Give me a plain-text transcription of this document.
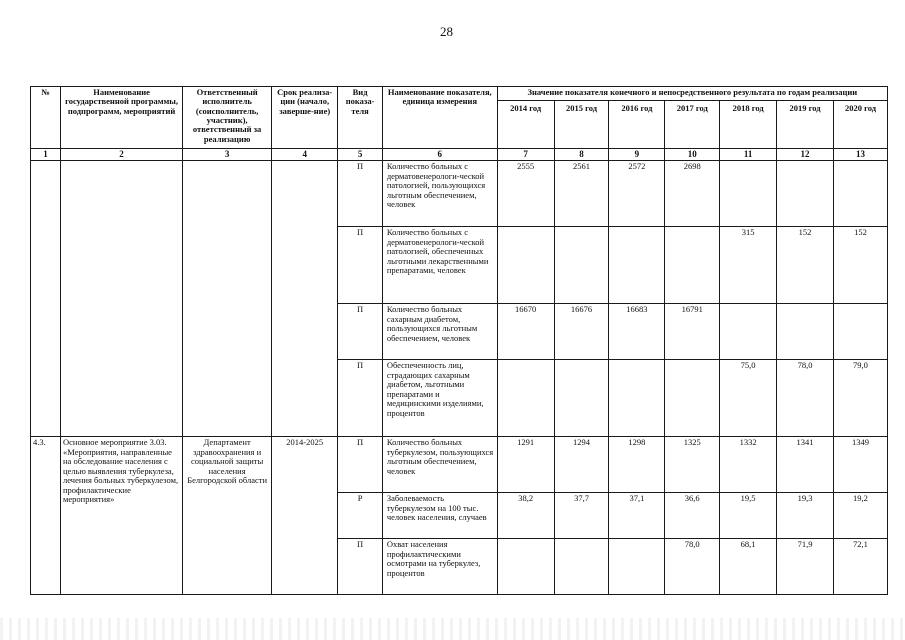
28
№	Наименование государственной программы, подпрограмм, мероприятий	Ответственный исполнитель (соисполнитель, участник), ответственный за реализацию	Срок реализа-ции (начало, заверше-ние)	Вид показа-теля	Наименование показателя, единица измерения	Значение показателя конечного и непосредственного результата по годам реализации						
						2014 год	2015 год	2016 год	2017 год	2018 год	2019 год	2020 год
1	2	3	4	5	6	7	8	9	10	11	12	13
				П	Количество больных с дерматовенерологи-ческой патологией, пользующихся льготным обеспечением, человек	2555	2561	2572	2698			
				П	Количество больных с дерматовенерологи-ческой патологией, обеспеченных льготными лекарственными препаратами, человек					315	152	152
				П	Количество больных сахарным диабетом, пользующихся льготным обеспечением, человек	16670	16676	16683	16791			
				П	Обеспеченность лиц, страдающих сахарным диабетом, льготными препаратами и медицинскими изделиями, процентов					75,0	78,0	79,0
4.3.	Основное мероприятие 3.03. «Мероприятия, направленные на обследование населения с целью выявления туберкулеза, лечения больных туберкулезом, профилактические мероприятия»	Департамент здравоохранения и социальной защиты населения Белгородской области	2014-2025	П	Количество больных туберкулезом, пользующихся льготным обеспечением, человек	1291	1294	1298	1325	1332	1341	1349
				Р	Заболеваемость туберкулезом на 100 тыс. человек населения, случаев	38,2	37,7	37,1	36,6	19,5	19,3	19,2
				П	Охват населения профилактическими осмотрами на туберкулез, процентов				78,0	68,1	71,9	72,1
